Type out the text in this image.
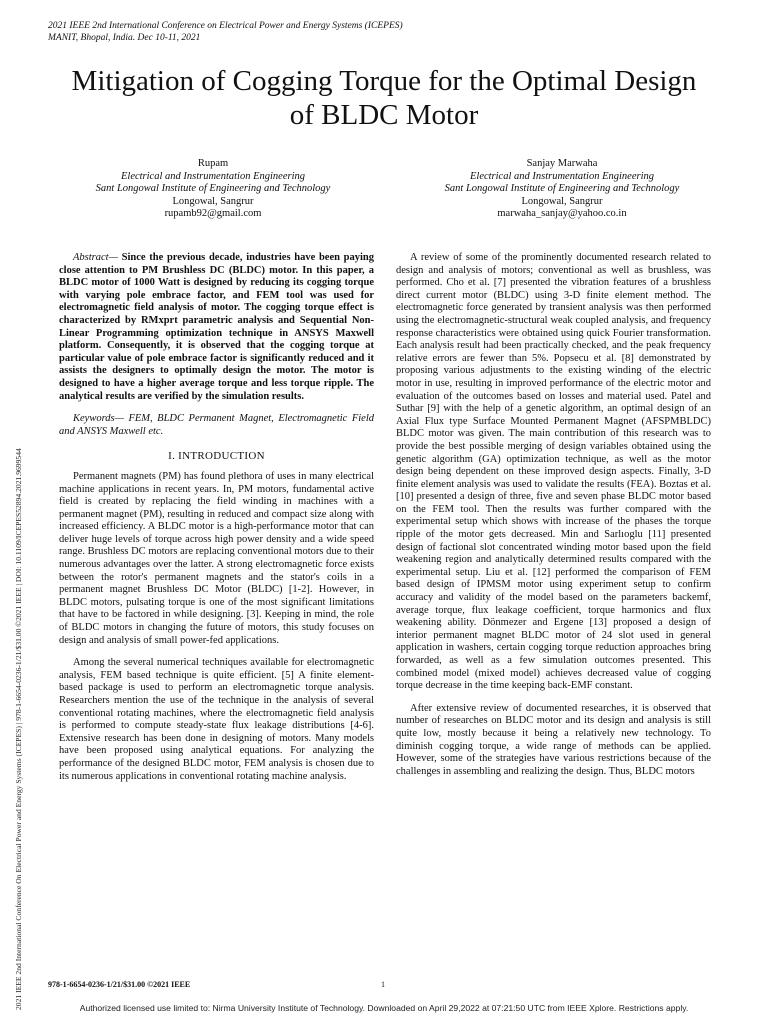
2021 IEEE 2nd International Conference on Electrical Power and Energy Systems (ICEPES)
MANIT, Bhopal, India. Dec 10-11, 2021
2021 IEEE 2nd International Conference On Electrical Power and Energy Systems (ICEPES) | 978-1-6654-0236-1/21/$31.00 ©2021 IEEE | DOI: 10.1109/ICEPES52894.2021.9699544
Mitigation of Cogging Torque for the Optimal Design of BLDC Motor
Rupam
Electrical and Instrumentation Engineering
Sant Longowal Institute of Engineering and Technology
Longowal, Sangrur
rupamb92@gmail.com
Sanjay Marwaha
Electrical and Instrumentation Engineering
Sant Longowal Institute of Engineering and Technology
Longowal, Sangrur
marwaha_sanjay@yahoo.co.in
Abstract— Since the previous decade, industries have been paying close attention to PM Brushless DC (BLDC) motor. In this paper, a BLDC motor of 1000 Watt is designed by reducing its cogging torque with varying pole embrace factor, and FEM tool was used for electromagnetic field analysis of motor. The cogging torque effect is characterized by RMxprt parametric analysis and Sequential Non-Linear Programming optimization technique in ANSYS Maxwell platform. Consequently, it is observed that the cogging torque at particular value of pole embrace factor is significantly reduced and it assists the designers to optimally design the motor. The motor is designed to have a higher average torque and less torque ripple. The analytical results are verified by the simulation results.
Keywords— FEM, BLDC Permanent Magnet, Electromagnetic Field and ANSYS Maxwell etc.
I. INTRODUCTION

Permanent magnets (PM) has found plethora of uses in many electrical machine applications in recent years. In, PM motors, fundamental active field is created by replacing the field winding in machines with a permanent magnet (PM), resulting in reduced and compact size along with increased efficiency. A BLDC motor is a high-performance motor that can deliver huge levels of torque across high power density and a wide speed range. Brushless DC motors are replacing conventional motors due to their numerous advantages over the latter. A strong electromagnetic force exists between the rotor's permanent magnets and the stator's coils in a permanent magnet Brushless DC Motor (BLDC) [1-2]. However, in BLDC motors, pulsating torque is one of the most significant limitations that have to be factored in while designing. [3]. Keeping in mind, the role of BLDC motors in changing the future of motors, this study focuses on design and analysis of small power-fed applications.

Among the several numerical techniques available for electromagnetic analysis, FEM based technique is quite efficient. [5] A finite element-based package is used to perform an electromagnetic torque analysis. Researchers mention the use of the technique in the analysis of several conventional rotating machines, where the electromagnetic field analysis is performed to compute steady-state flux leakage distributions [4-6]. Extensive research has been done in designing of motors. Many models have been proposed using analytical equations. For analyzing the performance of the designed BLDC motor, FEM analysis is chosen due to its numerous applications in conventional rotating machine analysis.

A review of some of the prominently documented research related to design and analysis of motors; conventional as well as brushless, was performed. Cho et al. [7] presented the vibration features of a brushless direct current motor (BLDC) using 3-D finite element method. The electromagnetic force generated by transient analysis was then performed using the electromagnetic-structural weak coupled analysis, and frequency response characteristics were obtained using quick Fourier transformation. Each analysis result had been practically checked, and the peak frequency relative errors are fewer than 5%. Popsecu et al. [8] demonstrated by proposing various adjustments to the existing winding of the electric motor in use, resulting in improved performance of the electric motor and evaluation of the outcomes based on losses and material used. Patel and Suthar [9] with the help of a genetic algorithm, an optimal design of an Axial Flux type Surface Mounted Permanent Magnet (AFSPMBLDC) BLDC motor was given. The main contribution of this research was to provide the best possible merging of design variables obtained using the genetic algorithm (GA) optimization technique, as well as the motor design being dependent on these improved design aspects. Finally, 3-D finite element analysis was used to validate the results (FEA). Boztas et al. [10] presented a design of three, five and seven phase BLDC motor based on the FEM tool. Then the results was further compared with the experimental setup which shows with increase of the phases the torque ripple of the motor gets decreased. Min and Sarlıoglu [11] presented design of factional slot concentrated winding motor based upon the field weakening region and analytically determined results compared with the experimental setup. Liu et al. [12] performed the comparison of FEM based design of IPMSM motor using experiment setup to confirm accuracy and validity of the model based on the parameters backemf, average torque, flux leakage coefficient, torque harmonics and flux weakening ability. Dönmezer and Ergene [13] proposed a design of interior permanent magnet BLDC motor of 24 slot used in general application in washers, certain cogging torque reduction approaches bring forwarded, as well as a few simulation outcomes presented. This combined model (mixed model) achieves decreased value of cogging torque decrease in the time keeping back-EMF constant.

After extensive review of documented researches, it is observed that number of researches on BLDC motor and its design and analysis is still quite low, mostly because it being a relatively new technology. To diminish cogging torque, a wide range of methods can be applied. However, some of the strategies have various restrictions because of the challenges in assembling and realizing the design. Thus, BLDC motors

978-1-6654-0236-1/21/$31.00 ©2021 IEEE	1
Authorized licensed use limited to: Nirma University Institute of Technology. Downloaded on April 29,2022 at 07:21:50 UTC from IEEE Xplore. Restrictions apply.
